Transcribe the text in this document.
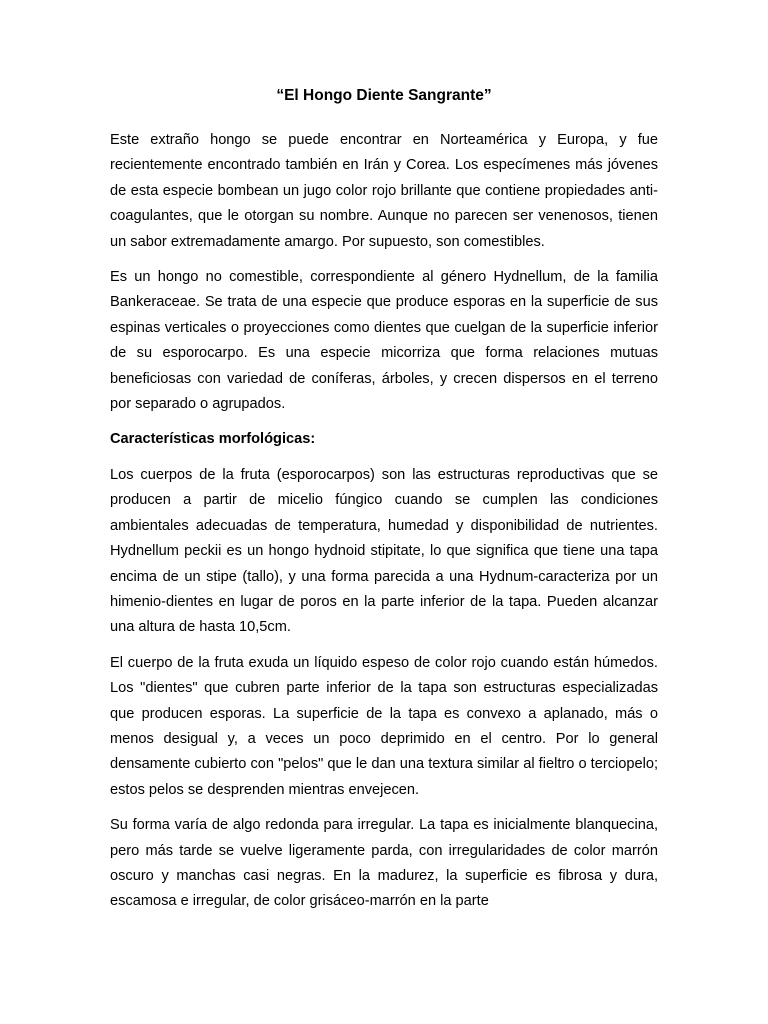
“El Hongo Diente Sangrante”

Este extraño hongo se puede encontrar en Norteamérica y Europa, y fue recientemente encontrado también en Irán y Corea. Los especímenes más jóvenes de esta especie bombean un jugo color rojo brillante que contiene propiedades anti-coagulantes, que le otorgan su nombre. Aunque no parecen ser venenosos, tienen un sabor extremadamente amargo. Por supuesto, son comestibles.

Es un hongo no comestible, correspondiente al género Hydnellum, de la familia Bankeraceae. Se trata de una especie que produce esporas en la superficie de sus espinas verticales o proyecciones como dientes que cuelgan de la superficie inferior de su esporocarpo. Es una especie micorriza que forma relaciones mutuas beneficiosas con variedad de coníferas, árboles, y crecen dispersos en el terreno por separado o agrupados.

Características morfológicas:

Los cuerpos de la fruta (esporocarpos) son las estructuras reproductivas que se producen a partir de micelio fúngico cuando se cumplen las condiciones ambientales adecuadas de temperatura, humedad y disponibilidad de nutrientes. Hydnellum peckii es un hongo hydnoid stipitate, lo que significa que tiene una tapa encima de un stipe (tallo), y una forma parecida a una Hydnum-caracteriza por un himenio-dientes en lugar de poros en la parte inferior de la tapa. Pueden alcanzar una altura de hasta 10,5cm.

El cuerpo de la fruta exuda un líquido espeso de color rojo cuando están húmedos. Los "dientes" que cubren parte inferior de la tapa son estructuras especializadas que producen esporas. La superficie de la tapa es convexo a aplanado, más o menos desigual y, a veces un poco deprimido en el centro. Por lo general densamente cubierto con "pelos" que le dan una textura similar al fieltro o terciopelo; estos pelos se desprenden mientras envejecen.

Su forma varía de algo redonda para irregular. La tapa es inicialmente blanquecina, pero más tarde se vuelve ligeramente parda, con irregularidades de color marrón oscuro y manchas casi negras. En la madurez, la superficie es fibrosa y dura, escamosa e irregular, de color grisáceo-marrón en la parte
